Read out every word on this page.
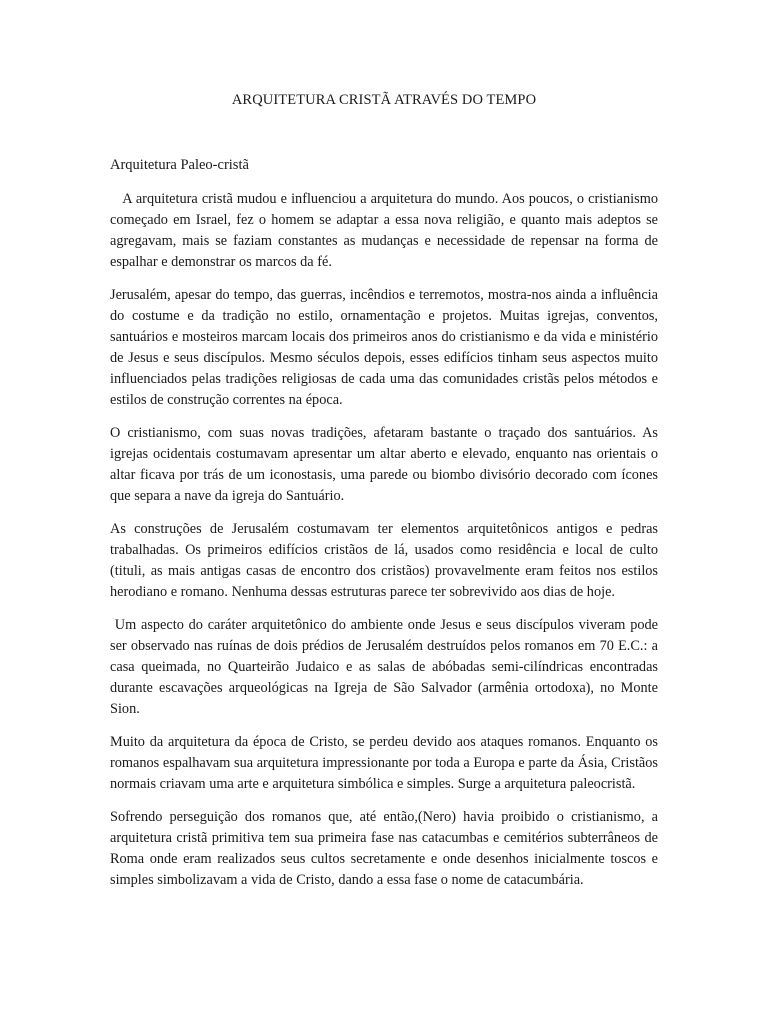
ARQUITETURA CRISTÃ ATRAVÉS DO TEMPO
Arquitetura Paleo-cristã

A arquitetura cristã mudou e influenciou a arquitetura do mundo. Aos poucos, o cristianismo começado em Israel, fez o homem se adaptar a essa nova religião, e quanto mais adeptos se agregavam, mais se faziam constantes as mudanças e necessidade de repensar na forma de espalhar e demonstrar os marcos da fé.

Jerusalém, apesar do tempo, das guerras, incêndios e terremotos, mostra-nos ainda a influência do costume e da tradição no estilo, ornamentação e projetos. Muitas igrejas, conventos, santuários e mosteiros marcam locais dos primeiros anos do cristianismo e da vida e ministério de Jesus e seus discípulos. Mesmo séculos depois, esses edifícios tinham seus aspectos muito influenciados pelas tradições religiosas de cada uma das comunidades cristãs pelos métodos e estilos de construção correntes na época.

O cristianismo, com suas novas tradições, afetaram bastante o traçado dos santuários. As igrejas ocidentais costumavam apresentar um altar aberto e elevado, enquanto nas orientais o altar ficava por trás de um iconostasis, uma parede ou biombo divisório decorado com ícones que separa a nave da igreja do Santuário.

As construções de Jerusalém costumavam ter elementos arquitetônicos antigos e pedras trabalhadas. Os primeiros edifícios cristãos de lá, usados como residência e local de culto (tituli, as mais antigas casas de encontro dos cristãos) provavelmente eram feitos nos estilos herodiano e romano. Nenhuma dessas estruturas parece ter sobrevivido aos dias de hoje.

Um aspecto do caráter arquitetônico do ambiente onde Jesus e seus discípulos viveram pode ser observado nas ruínas de dois prédios de Jerusalém destruídos pelos romanos em 70 E.C.: a casa queimada, no Quarteirão Judaico e as salas de abóbadas semi-cilíndricas encontradas durante escavações arqueológicas na Igreja de São Salvador (armênia ortodoxa), no Monte Sion.

Muito da arquitetura da época de Cristo, se perdeu devido aos ataques romanos. Enquanto os romanos espalhavam sua arquitetura impressionante por toda a Europa e parte da Ásia, Cristãos normais criavam uma arte e arquitetura simbólica e simples. Surge a arquitetura paleocristã.

Sofrendo perseguição dos romanos que, até então,(Nero) havia proibido o cristianismo, a arquitetura cristã primitiva tem sua primeira fase nas catacumbas e cemitérios subterrâneos de Roma onde eram realizados seus cultos secretamente e onde desenhos inicialmente toscos e simples simbolizavam a vida de Cristo, dando a essa fase o nome de catacumbária.
